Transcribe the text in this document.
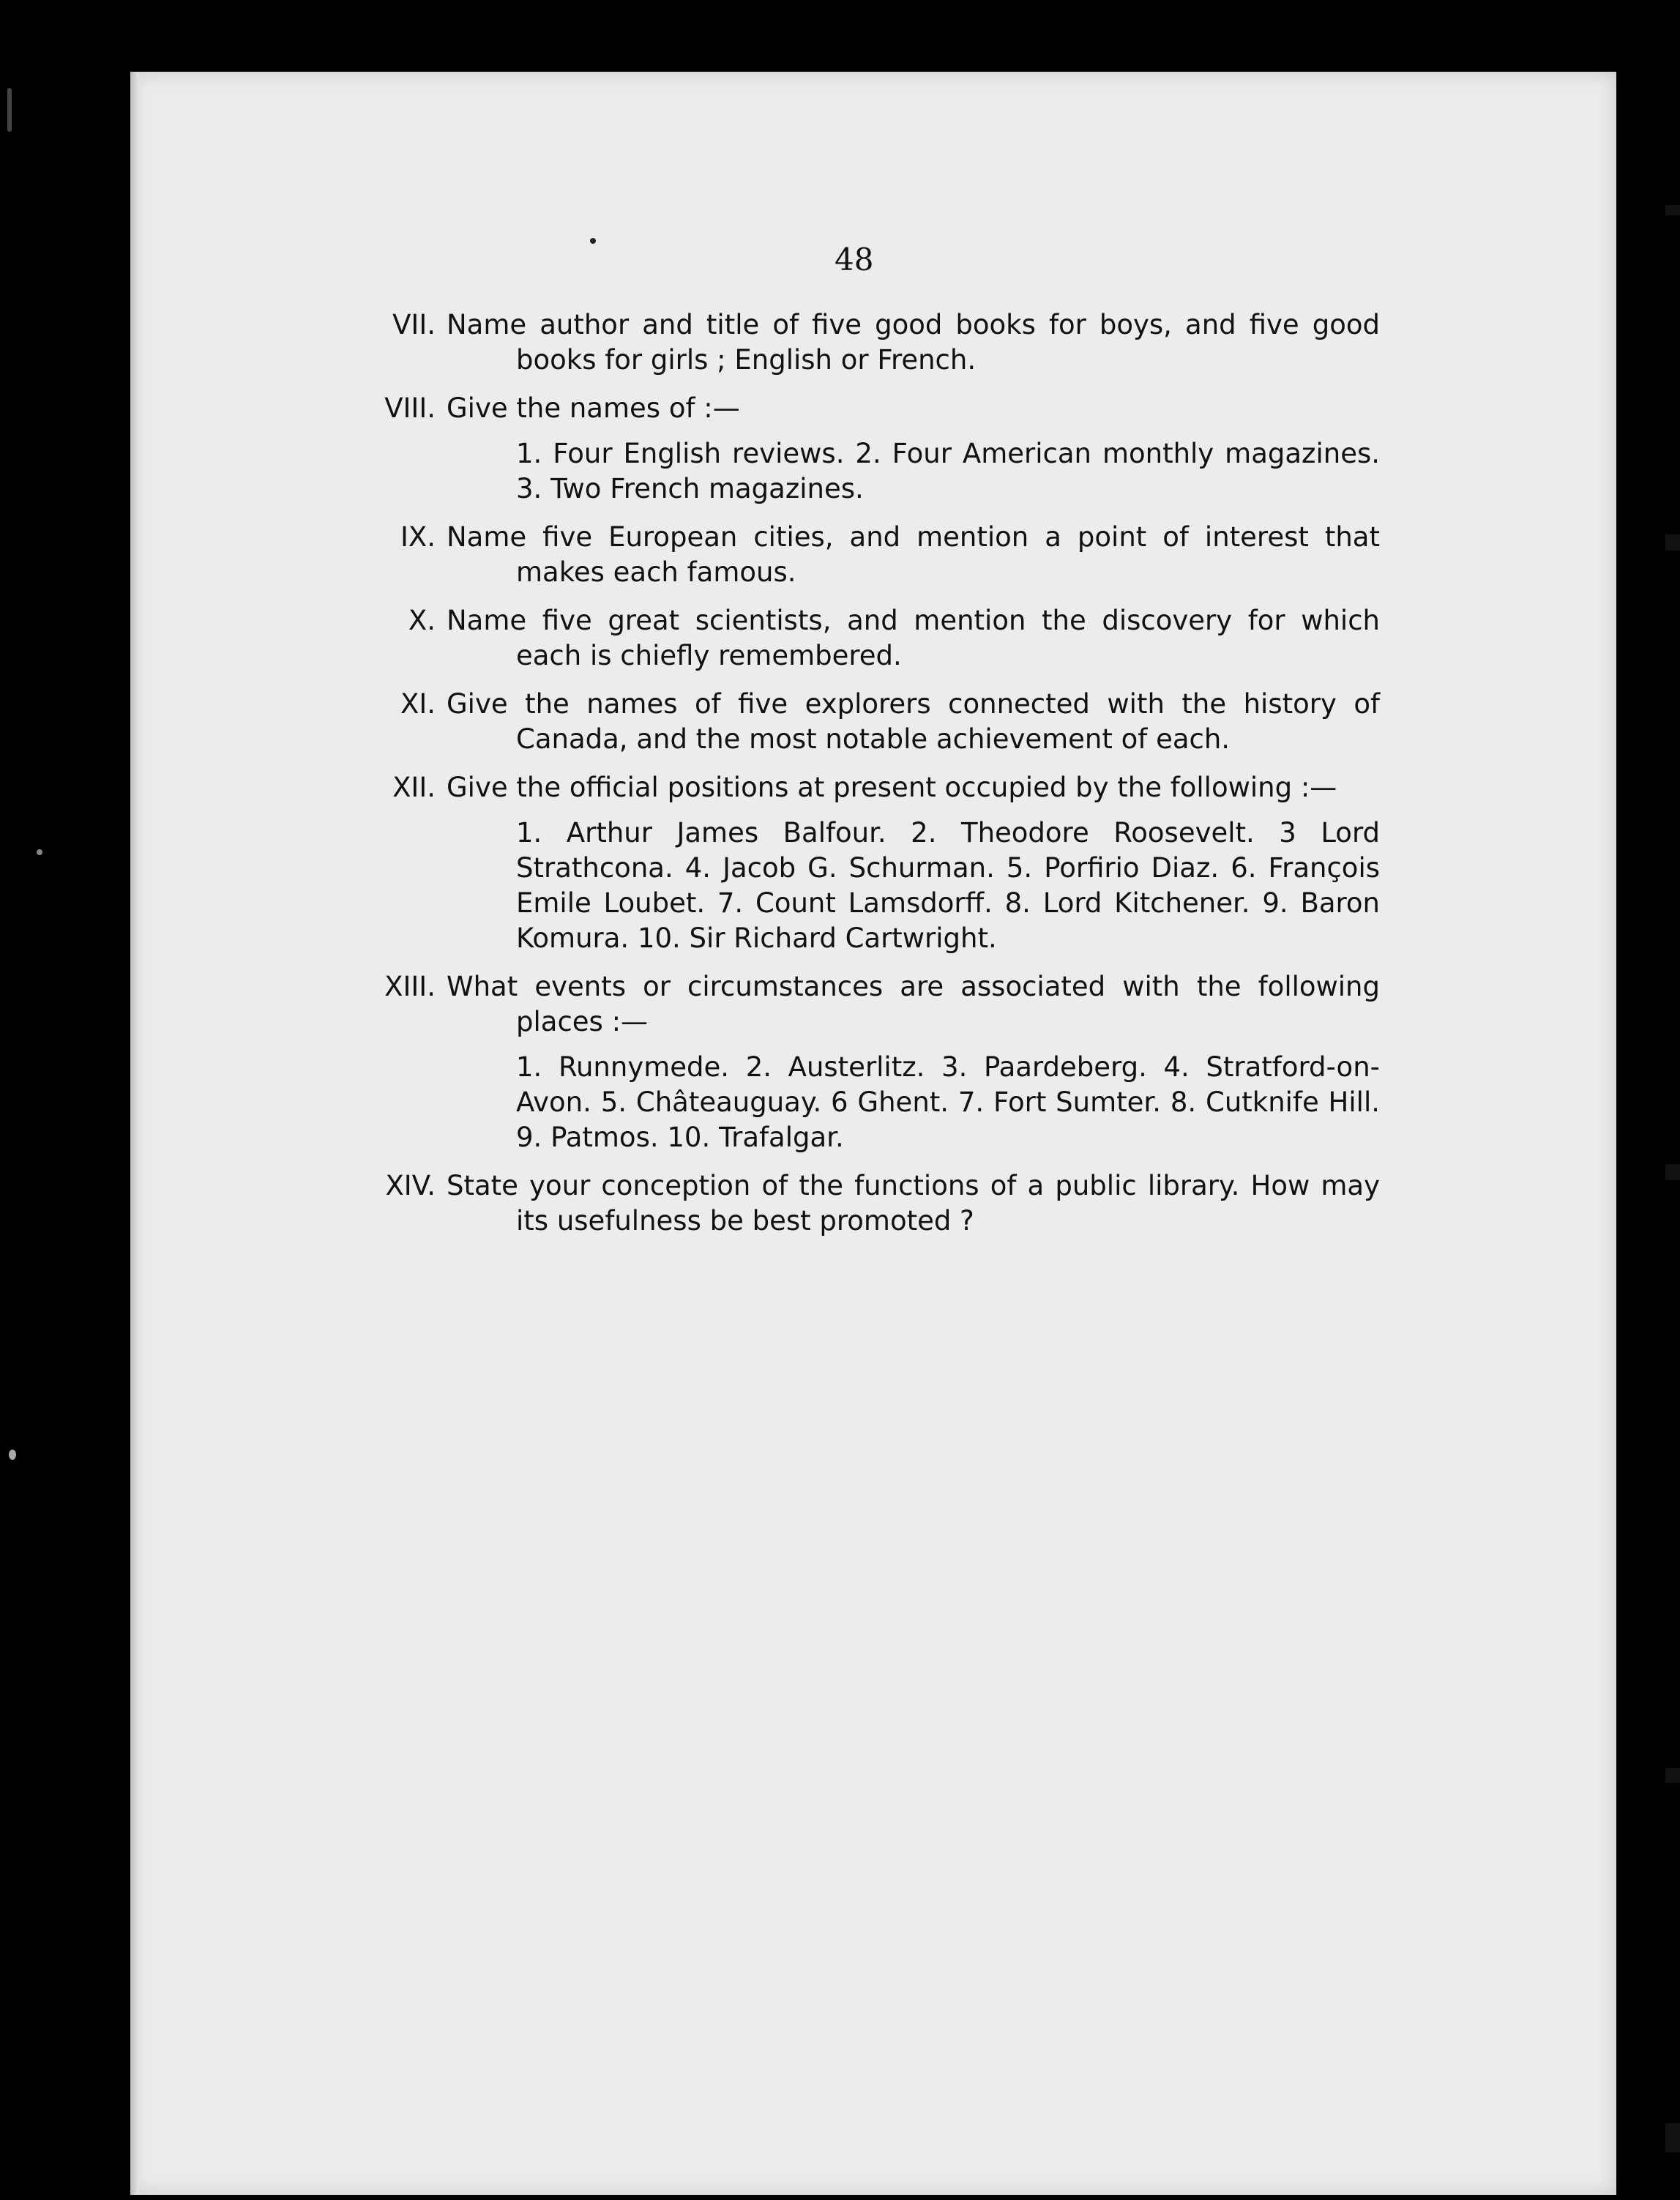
48
VII. Name author and title of five good books for boys, and five good books for girls ; English or French.
VIII. Give the names of :—
1. Four English reviews. 2. Four American monthly magazines. 3. Two French magazines.
IX. Name five European cities, and mention a point of interest that makes each famous.
X. Name five great scientists, and mention the discovery for which each is chiefly remembered.
XI. Give the names of five explorers connected with the history of Canada, and the most notable achievement of each.
XII. Give the official positions at present occupied by the following :—
1. Arthur James Balfour. 2. Theodore Roosevelt. 3 Lord Strathcona. 4. Jacob G. Schurman. 5. Porfirio Diaz. 6. François Emile Loubet. 7. Count Lamsdorff. 8. Lord Kitchener. 9. Baron Komura. 10. Sir Richard Cartwright.
XIII. What events or circumstances are associated with the following places :—
1. Runnymede. 2. Austerlitz. 3. Paardeberg. 4. Stratford-on-Avon. 5. Châteauguay. 6 Ghent. 7. Fort Sumter. 8. Cutknife Hill. 9. Patmos. 10. Trafalgar.
XIV. State your conception of the functions of a public library. How may its usefulness be best promoted ?
